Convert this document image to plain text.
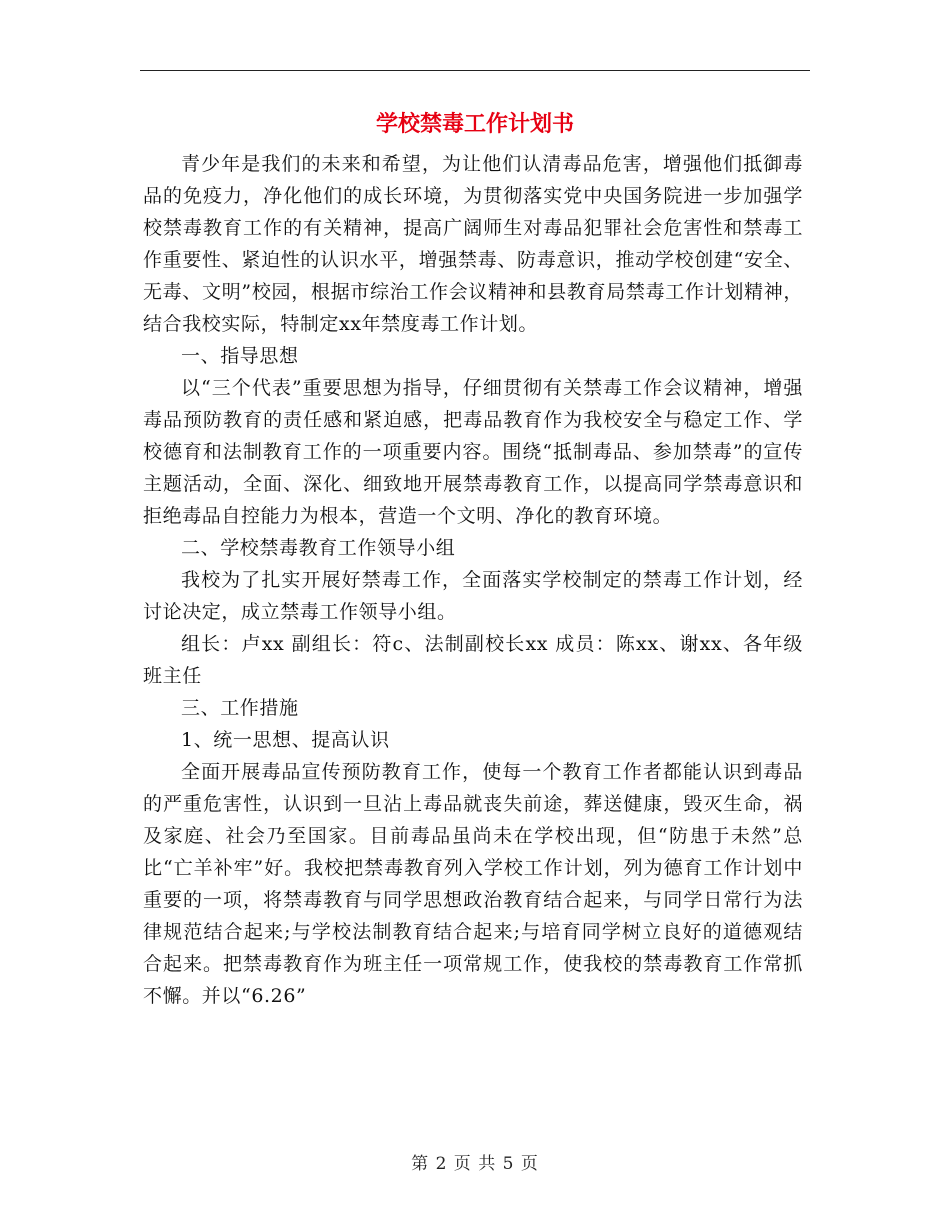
学校禁毒工作计划书

青少年是我们的未来和希望，为让他们认清毒品危害，增强他们抵御毒品的免疫力，净化他们的成长环境，为贯彻落实党中央国务院进一步加强学校禁毒教育工作的有关精神，提高广阔师生对毒品犯罪社会危害性和禁毒工作重要性、紧迫性的认识水平，增强禁毒、防毒意识，推动学校创建“安全、无毒、文明”校园，根据市综治工作会议精神和县教育局禁毒工作计划精神，结合我校实际，特制定xx年禁度毒工作计划。

一、指导思想

以“三个代表”重要思想为指导，仔细贯彻有关禁毒工作会议精神，增强毒品预防教育的责任感和紧迫感，把毒品教育作为我校安全与稳定工作、学校德育和法制教育工作的一项重要内容。围绕“抵制毒品、参加禁毒”的宣传主题活动，全面、深化、细致地开展禁毒教育工作，以提高同学禁毒意识和拒绝毒品自控能力为根本，营造一个文明、净化的教育环境。

二、学校禁毒教育工作领导小组

我校为了扎实开展好禁毒工作，全面落实学校制定的禁毒工作计划，经讨论决定，成立禁毒工作领导小组。

组长：卢xx 副组长：符c、法制副校长xx 成员：陈xx、谢xx、各年级班主任

三、工作措施

1、统一思想、提高认识

全面开展毒品宣传预防教育工作，使每一个教育工作者都能认识到毒品的严重危害性，认识到一旦沾上毒品就丧失前途，葬送健康，毁灭生命，祸及家庭、社会乃至国家。目前毒品虽尚未在学校出现，但“防患于未然”总比“亡羊补牢”好。我校把禁毒教育列入学校工作计划，列为德育工作计划中重要的一项，将禁毒教育与同学思想政治教育结合起来，与同学日常行为法律规范结合起来;与学校法制教育结合起来;与培育同学树立良好的道德观结合起来。把禁毒教育作为班主任一项常规工作，使我校的禁毒教育工作常抓不懈。并以“6.26”

第 2 页 共 5 页
